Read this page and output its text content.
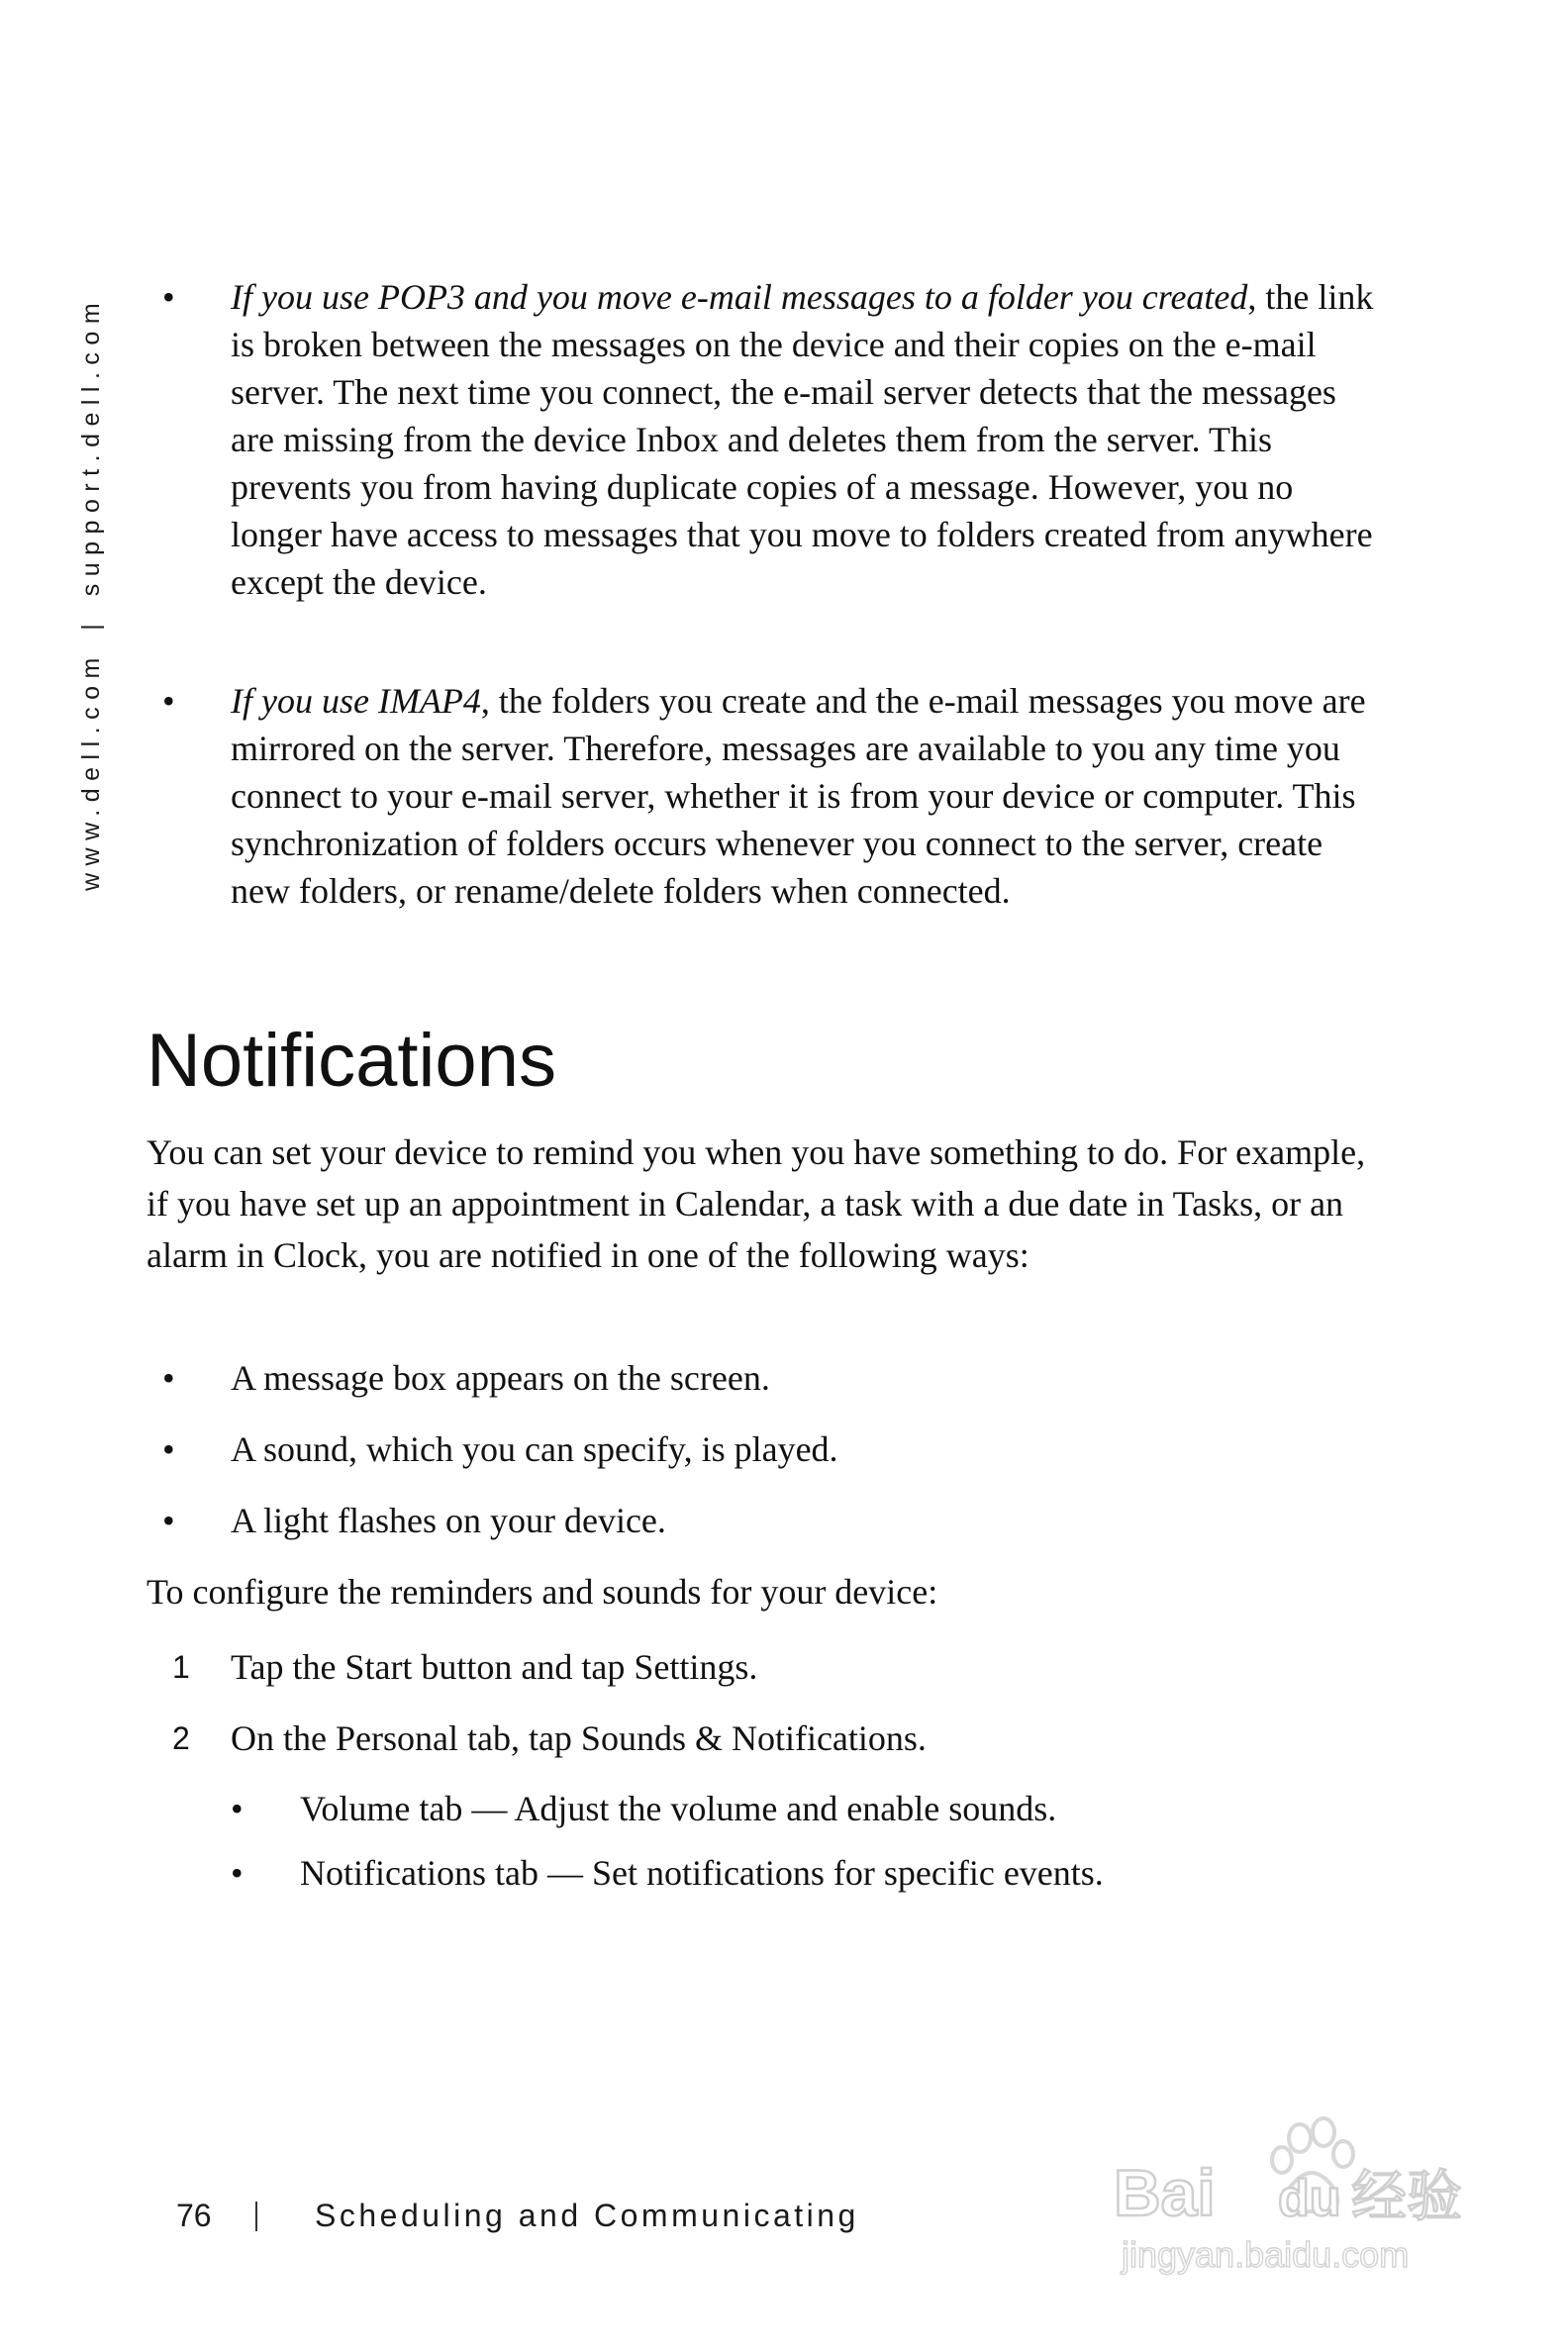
www.dell.com | support.dell.com • If you use POP3 and you move e-mail messages to a folder you created, the link is broken between the messages on the device and their copies on the e-mail server. The next time you connect, the e-mail server detects that the messages are missing from the device Inbox and deletes them from the server. This prevents you from having duplicate copies of a message. However, you no longer have access to messages that you move to folders created from anywhere except the device.
• If you use IMAP4, the folders you create and the e-mail messages you move are mirrored on the server. Therefore, messages are available to you any time you connect to your e-mail server, whether it is from your device or computer. This synchronization of folders occurs whenever you connect to the server, create new folders, or rename/delete folders when connected.
Notifications

You can set your device to remind you when you have something to do. For example, if you have set up an appointment in Calendar, a task with a due date in Tasks, or an alarm in Clock, you are notified in one of the following ways:

• A message box appears on the screen.
• A sound, which you can specify, is played.
• A light flashes on your device.
To configure the reminders and sounds for your device:
1 Tap the Start button and tap Settings.
2 On the Personal tab, tap Sounds & Notifications.
• Volume tab — Adjust the volume and enable sounds.
• Notifications tab — Set notifications for specific events.
76	Scheduling and Communicating	Bai du 经验
jingyan.baidu.com
